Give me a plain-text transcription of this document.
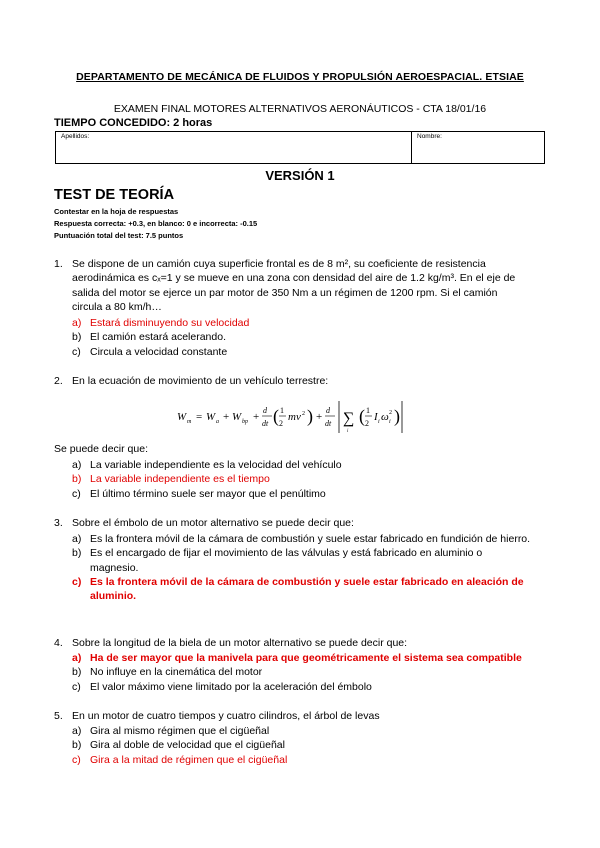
DEPARTAMENTO DE MECÁNICA DE FLUIDOS Y PROPULSIÓN AEROESPACIAL. ETSIAE
EXAMEN FINAL MOTORES ALTERNATIVOS AERONÁUTICOS - CTA 18/01/16
TIEMPO CONCEDIDO: 2 horas
Apellidos:	Nombre:
VERSIÓN 1
TEST DE TEORÍA
Contestar en la hoja de respuestas
Respuesta correcta: +0.3, en blanco: 0 e incorrecta: -0.15
Puntuación total del test: 7.5 puntos
1. Se dispone de un camión cuya superficie frontal es de 8 m², su coeficiente de resistencia aerodinámica es cₓ=1 y se mueve en una zona con densidad del aire de 1.2 kg/m³. En el eje de salida del motor se ejerce un par motor de 350 Nm a un régimen de 1200 rpm. Si el camión circula a 80 km/h…
a) Estará disminuyendo su velocidad
b) El camión estará acelerando.
c) Circula a velocidad constante
2. En la ecuación de movimiento de un vehículo terrestre:
W m = W a + W bp +
d
dt ( 1
2
mv 2 ) +
d
dt ∑
i
( 1
2
I i ω i
2 )
Se puede decir que:
a) La variable independiente es la velocidad del vehículo
b) La variable independiente es el tiempo
c) El último término suele ser mayor que el penúltimo
3. Sobre el émbolo de un motor alternativo se puede decir que:
a) Es la frontera móvil de la cámara de combustión y suele estar fabricado en fundición de hierro.
b) Es el encargado de fijar el movimiento de las válvulas y está fabricado en aluminio o magnesio.
c) Es la frontera móvil de la cámara de combustión y suele estar fabricado en aleación de aluminio.
4. Sobre la longitud de la biela de un motor alternativo se puede decir que:
a) Ha de ser mayor que la manivela para que geométricamente el sistema sea compatible
b) No influye en la cinemática del motor
c) El valor máximo viene limitado por la aceleración del émbolo
5. En un motor de cuatro tiempos y cuatro cilindros, el árbol de levas
a) Gira al mismo régimen que el cigüeñal
b) Gira al doble de velocidad que el cigüeñal
c) Gira a la mitad de régimen que el cigüeñal
